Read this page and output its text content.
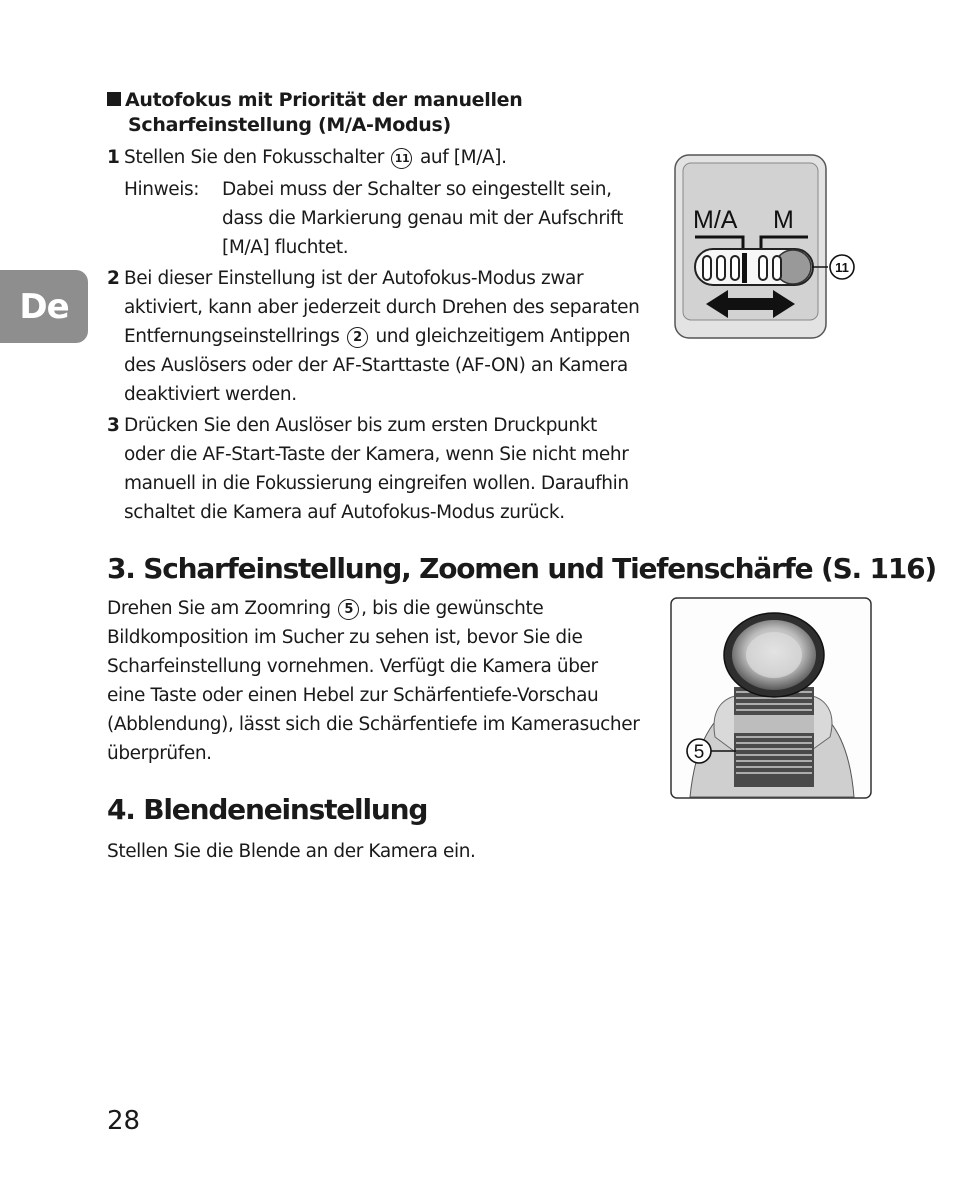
De
Autofokus mit Priorität der manuellen
Scharfeinstellung (M/A-Modus)
1 Stellen Sie den Fokusschalter 11 auf [M/A].
Hinweis: Dabei muss der Schalter so eingestellt sein,
dass die Markierung genau mit der Aufschrift
[M/A] fluchtet.
2 Bei dieser Einstellung ist der Autofokus-Modus zwar
aktiviert, kann aber jederzeit durch Drehen des separaten
Entfernungseinstellrings 2 und gleichzeitigem Antippen
des Auslösers oder der AF-Starttaste (AF-ON) an Kamera
deaktiviert werden.
3 Drücken Sie den Auslöser bis zum ersten Druckpunkt
oder die AF-Start-Taste der Kamera, wenn Sie nicht mehr
manuell in die Fokussierung eingreifen wollen. Daraufhin
schaltet die Kamera auf Autofokus-Modus zurück.
M/A M
11
3. Scharfeinstellung, Zoomen und Tiefenschärfe (S. 116)
Drehen Sie am Zoomring 5 , bis die gewünschte
Bildkomposition im Sucher zu sehen ist, bevor Sie die
Scharfeinstellung vornehmen. Verfügt die Kamera über
eine Taste oder einen Hebel zur Schärfentiefe-Vorschau
(Abblendung), lässt sich die Schärfentiefe im Kamerasucher
überprüfen.	5
4. Blendeneinstellung
Stellen Sie die Blende an der Kamera ein.
28
